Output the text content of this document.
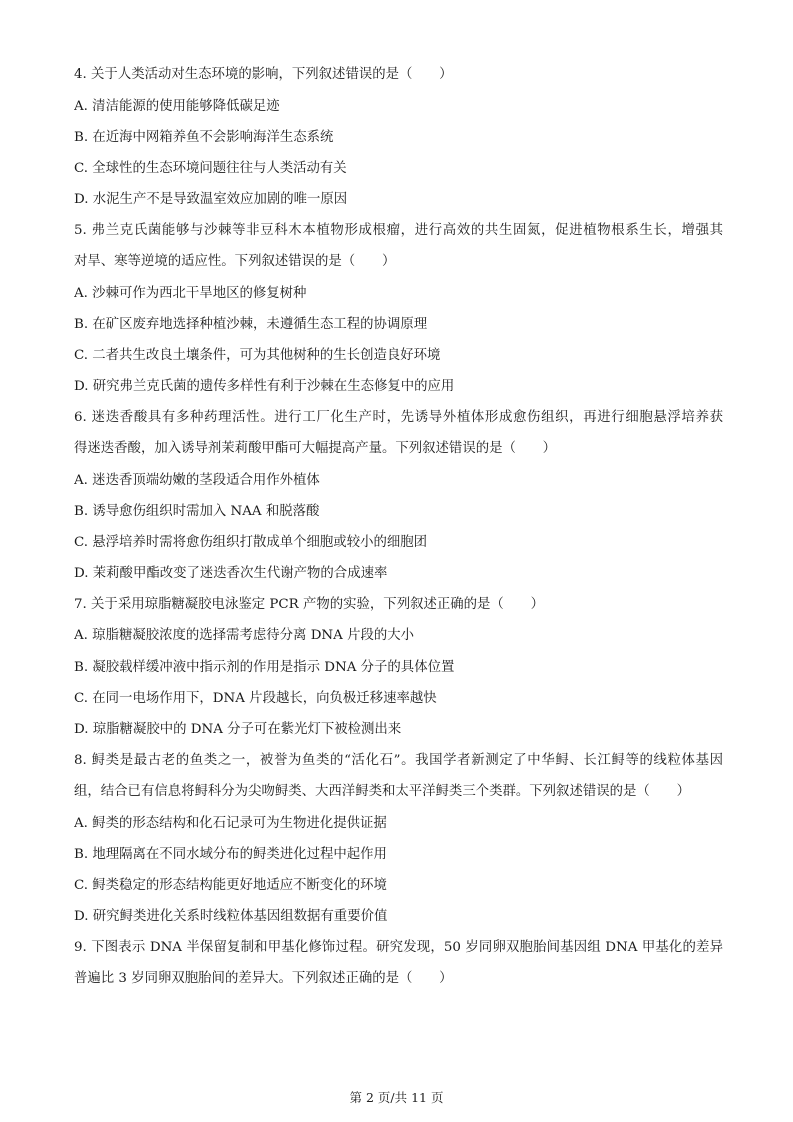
4. 关于人类活动对生态环境的影响，下列叙述错误的是（　　）
A. 清洁能源的使用能够降低碳足迹
B. 在近海中网箱养鱼不会影响海洋生态系统
C. 全球性的生态环境问题往往与人类活动有关
D. 水泥生产不是导致温室效应加剧的唯一原因
5. 弗兰克氏菌能够与沙棘等非豆科木本植物形成根瘤，进行高效的共生固氮，促进植物根系生长，增强其
对旱、寒等逆境的适应性。下列叙述错误的是（　　）
A. 沙棘可作为西北干旱地区的修复树种
B. 在矿区废弃地选择种植沙棘，未遵循生态工程的协调原理
C. 二者共生改良土壤条件，可为其他树种的生长创造良好环境
D. 研究弗兰克氏菌的遗传多样性有利于沙棘在生态修复中的应用
6. 迷迭香酸具有多种药理活性。进行工厂化生产时，先诱导外植体形成愈伤组织，再进行细胞悬浮培养获
得迷迭香酸，加入诱导剂茉莉酸甲酯可大幅提高产量。下列叙述错误的是（　　）
A. 迷迭香顶端幼嫩的茎段适合用作外植体
B. 诱导愈伤组织时需加入 NAA 和脱落酸
C. 悬浮培养时需将愈伤组织打散成单个细胞或较小的细胞团
D. 茉莉酸甲酯改变了迷迭香次生代谢产物的合成速率
7. 关于采用琼脂糖凝胶电泳鉴定 PCR 产物的实验，下列叙述正确的是（　　）
A. 琼脂糖凝胶浓度的选择需考虑待分离 DNA 片段的大小
B. 凝胶载样缓冲液中指示剂的作用是指示 DNA 分子的具体位置
C. 在同一电场作用下，DNA 片段越长，向负极迁移速率越快
D. 琼脂糖凝胶中的 DNA 分子可在紫光灯下被检测出来
8. 鲟类是最古老的鱼类之一，被誉为鱼类的“活化石”。我国学者新测定了中华鲟、长江鲟等的线粒体基因
组，结合已有信息将鲟科分为尖吻鲟类、大西洋鲟类和太平洋鲟类三个类群。下列叙述错误的是（　　）
A. 鲟类的形态结构和化石记录可为生物进化提供证据
B. 地理隔离在不同水域分布的鲟类进化过程中起作用
C. 鲟类稳定的形态结构能更好地适应不断变化的环境
D. 研究鲟类进化关系时线粒体基因组数据有重要价值
9. 下图表示 DNA 半保留复制和甲基化修饰过程。研究发现，50 岁同卵双胞胎间基因组 DNA 甲基化的差异
普遍比 3 岁同卵双胞胎间的差异大。下列叙述正确的是（　　）
第 2 页/共 11 页
